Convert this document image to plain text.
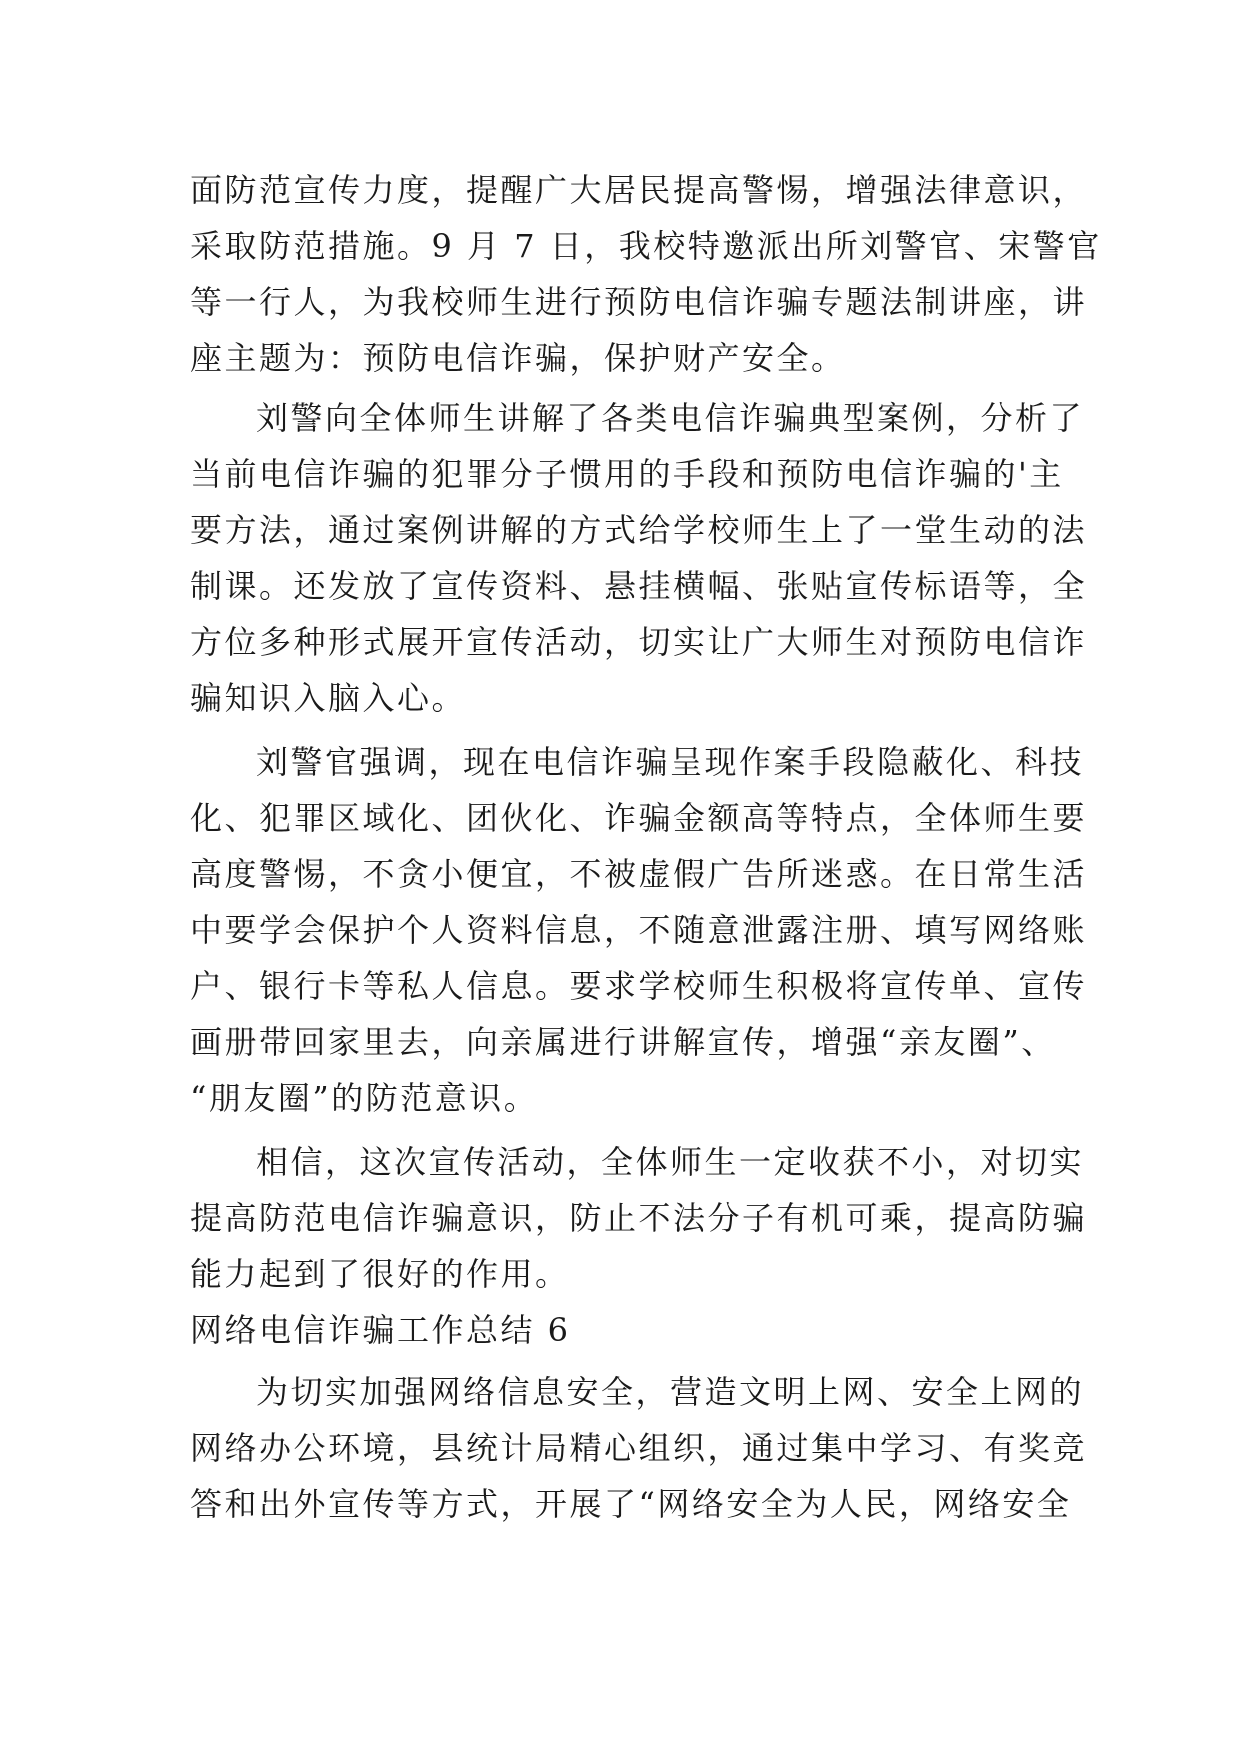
面防范宣传力度，提醒广大居民提高警惕，增强法律意识，
采取防范措施。9 月 7 日，我校特邀派出所刘警官、宋警官
等一行人，为我校师生进行预防电信诈骗专题法制讲座，讲
座主题为：预防电信诈骗，保护财产安全。
刘警向全体师生讲解了各类电信诈骗典型案例，分析了
当前电信诈骗的犯罪分子惯用的手段和预防电信诈骗的'主
要方法，通过案例讲解的方式给学校师生上了一堂生动的法
制课。还发放了宣传资料、悬挂横幅、张贴宣传标语等，全
方位多种形式展开宣传活动，切实让广大师生对预防电信诈
骗知识入脑入心。
刘警官强调，现在电信诈骗呈现作案手段隐蔽化、科技
化、犯罪区域化、团伙化、诈骗金额高等特点，全体师生要
高度警惕，不贪小便宜，不被虚假广告所迷惑。在日常生活
中要学会保护个人资料信息，不随意泄露注册、填写网络账
户、银行卡等私人信息。要求学校师生积极将宣传单、宣传
画册带回家里去，向亲属进行讲解宣传，增强“亲友圈”、
“朋友圈”的防范意识。
相信，这次宣传活动，全体师生一定收获不小，对切实
提高防范电信诈骗意识，防止不法分子有机可乘，提高防骗
能力起到了很好的作用。
网络电信诈骗工作总结 6
为切实加强网络信息安全，营造文明上网、安全上网的
网络办公环境，县统计局精心组织，通过集中学习、有奖竞
答和出外宣传等方式，开展了“网络安全为人民，网络安全
